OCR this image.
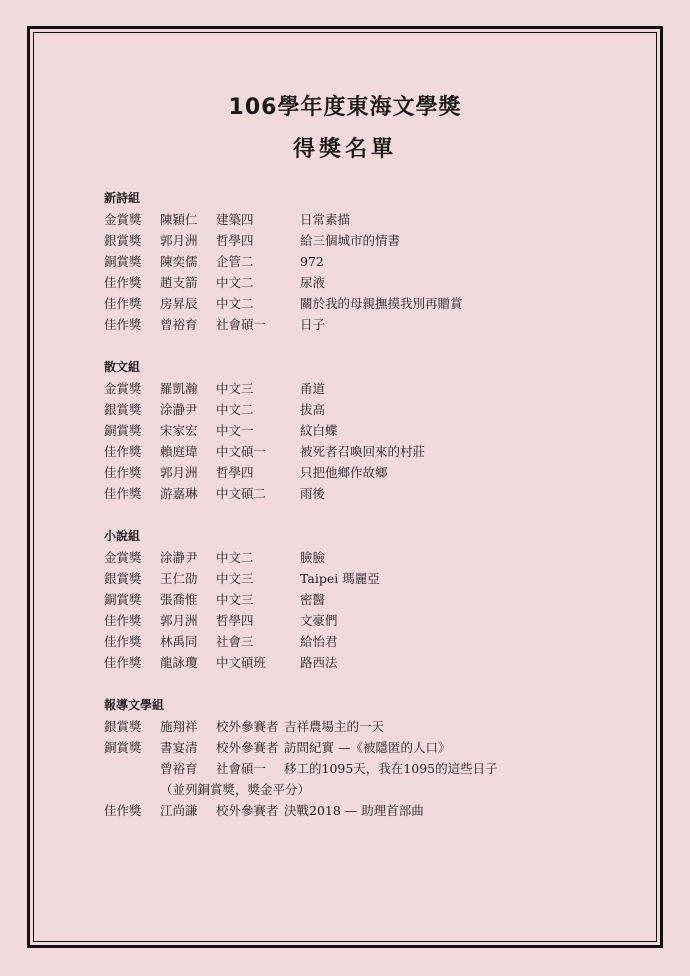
106學年度東海文學獎
得獎名單
新詩組
金賞獎 陳穎仁 建築四	日常素描
銀賞獎 郭月洲 哲學四	給三個城市的情書
銅賞獎 陳奕儒 企管二	972
佳作獎 趙支箭 中文二	尿液
佳作獎 房昇辰 中文二	關於我的母親撫摸我別再贈賞
佳作獎 曾裕育 社會碩一	日子
散文組
金賞獎 羅凱瀚 中文三	甬道
銀賞獎 涂瀞尹 中文二	拔高
銅賞獎 宋家宏 中文一	紋白蝶
佳作獎 賴庭瑋 中文碩一	被死者召喚回來的村莊
佳作獎 郭月洲 哲學四	只把他鄉作故鄉
佳作獎 游嘉琳 中文碩二	雨後
小說組
金賞獎 涂瀞尹 中文二	臉臉
銀賞獎 王仁劭 中文三	Taipei 瑪麗亞
銅賞獎 張喬惟 中文三	密醫
佳作獎 郭月洲 哲學四	文豪們
佳作獎 林禹同 社會三	給怡君
佳作獎 龍詠瓊 中文碩班	路西法
報導文學組
銀賞獎 施翔祥 校外參賽者 吉祥農場主的一天
銅賞獎 書宴清 校外參賽者 訪問紀實 —《被隱匿的人口》
曾裕育 社會碩一 移工的1095天，我在1095的這些日子
（並列銅賞獎，獎金平分）
佳作獎 江尚謙 校外參賽者 決戰2018 — 助理首部曲
